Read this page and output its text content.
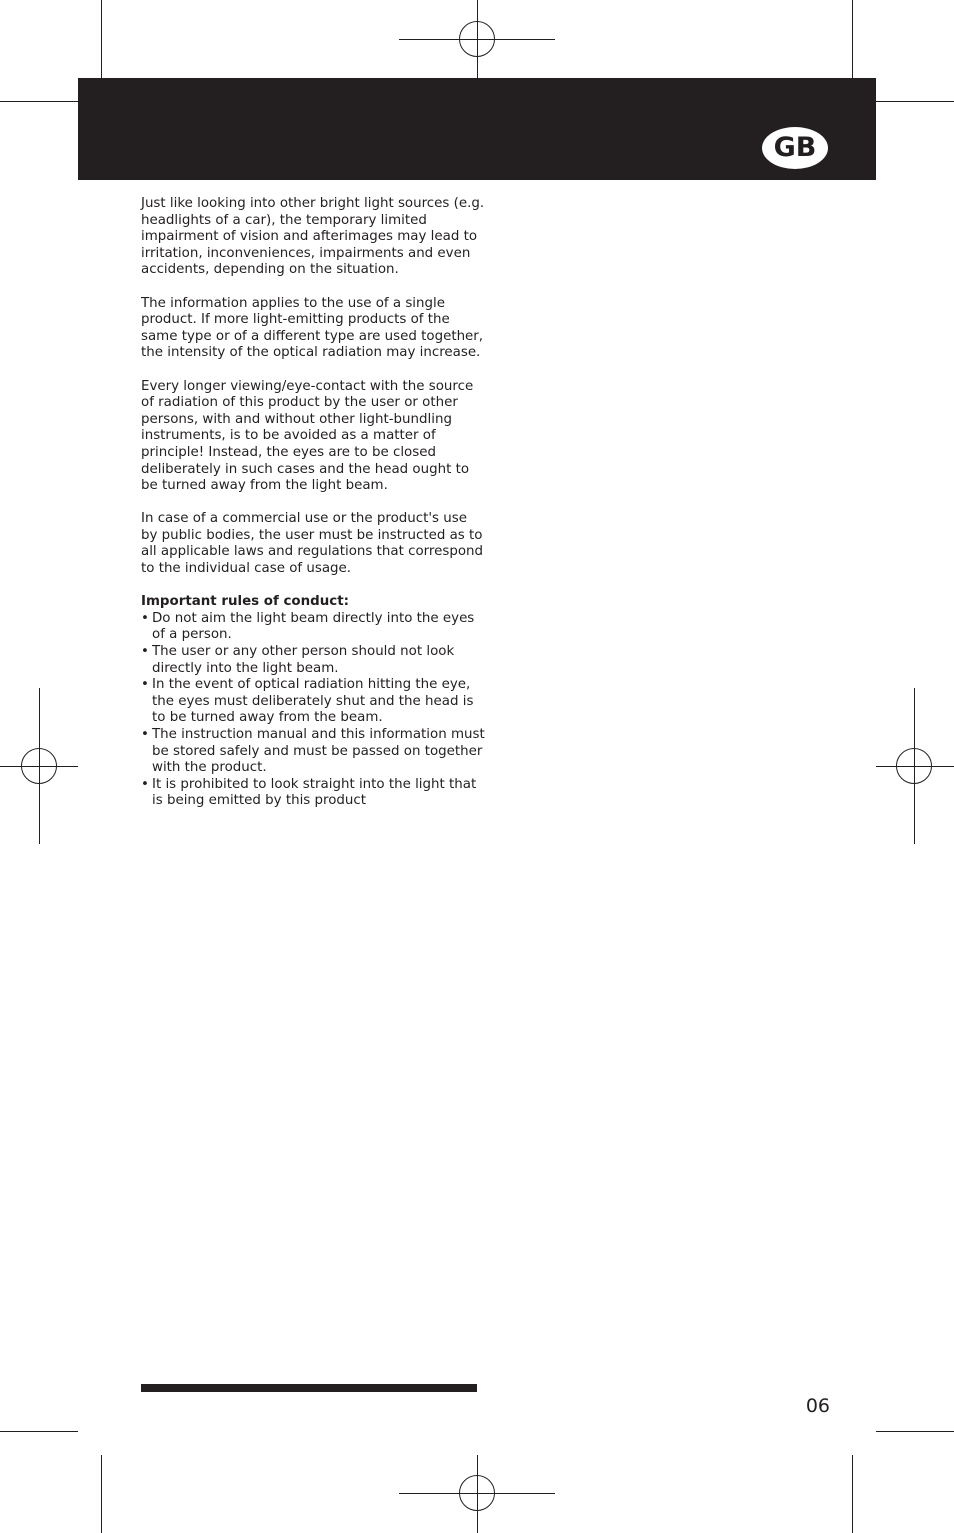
GB

Just like looking into other bright light sources (e.g. headlights of a car), the temporary limited impairment of vision and afterimages may lead to irritation, inconveniences, impairments and even accidents, depending on the situation.

The information applies to the use of a single product. If more light-emitting products of the same type or of a different type are used together, the intensity of the optical radiation may increase.

Every longer viewing/eye-contact with the source of radiation of this product by the user or other persons, with and without other light-bundling instruments, is to be avoided as a matter of principle! Instead, the eyes are to be closed deliberately in such cases and the head ought to be turned away from the light beam.

In case of a commercial use or the product's use by public bodies, the user must be instructed as to all applicable laws and regulations that correspond to the individual case of usage.

Important rules of conduct:
• Do not aim the light beam directly into the eyes of a person.
• The user or any other person should not look directly into the light beam.
• In the event of optical radiation hitting the eye, the eyes must deliberately shut and the head is to be turned away from the beam.
• The instruction manual and this information must be stored safely and must be passed on together with the product.
• It is prohibited to look straight into the light that is being emitted by this product
06
